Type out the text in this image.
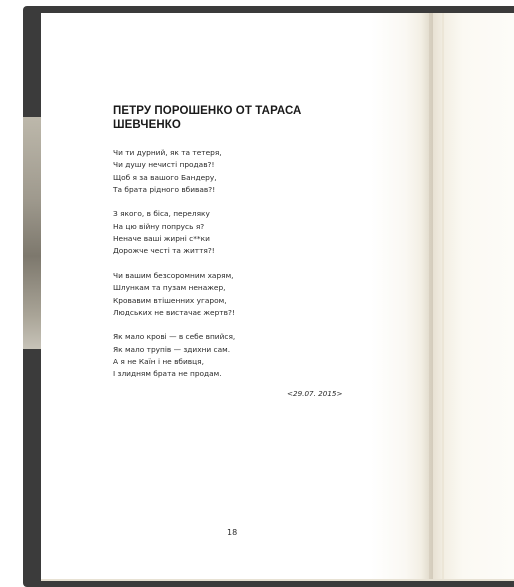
ПЕТРУ ПОРОШЕНКО ОТ ТАРАСА
ШЕВЧЕНКО
Чи ти дурний, як та тетеря,
Чи душу нечисті продав?!
Щоб я за вашого Бандеру,
Та брата рідного вбивав?!
З якого, в біса, переляку
На цю війну попрусь я?
Неначе ваші жирні с**ки
Дорожче честі та життя?!
Чи вашим безсоромним харям,
Шлункам та пузам ненажер,
Кровавим втішенних угаром,
Людських не вистачає жертв?!
Як мало крові — в себе впийся,
Як мало трупів — здихни сам.
А я не Каїн і не вбивця,
І злидням брата не продам.
<29.07. 2015>
18
